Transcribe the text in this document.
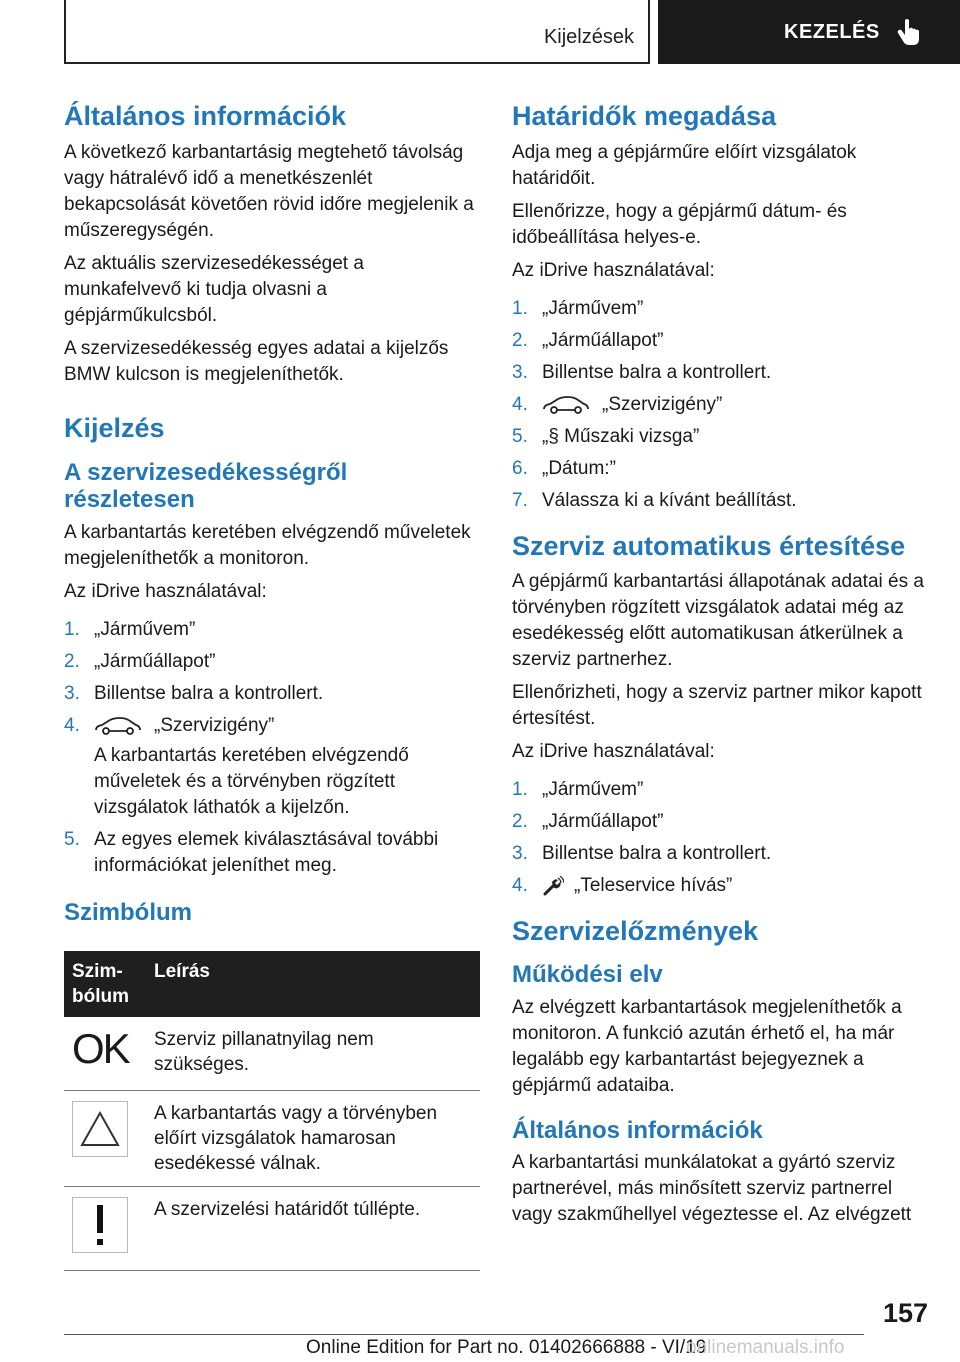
Kijelzések	KEZELÉS
Általános információk

A következő karbantartásig megtehető távolság vagy hátralévő idő a menetkészenlét bekapcsolását követően rövid időre megjelenik a műszeregységén.

Az aktuális szervizesedékességet a munkafelvevő ki tudja olvasni a gépjárműkulcsból.

A szervizesedékesség egyes adatai a kijelzős BMW kulcson is megjeleníthetők.

Kijelzés
A szervizesedékességről részletesen

A karbantartás keretében elvégzendő műveletek megjeleníthetők a monitoron.

Az iDrive használatával:

1. „Járművem”
2. „Járműállapot”
3. Billentse balra a kontrollert.
4.	„Szervizigény”
A karbantartás keretében elvégzendő műveletek és a törvényben rögzített vizsgálatok láthatók a kijelzőn.
5. Az egyes elemek kiválasztásával további információkat jeleníthet meg.
Szimbólum
Szim-bólum	Leírás
OK	Szerviz pillanatnyilag nem szükséges.
	A karbantartás vagy a törvényben előírt vizsgálatok hamarosan esedékessé válnak.
	A szervizelési határidőt túllépte.
Határidők megadása

Adja meg a gépjárműre előírt vizsgálatok határidőit.

Ellenőrizze, hogy a gépjármű dátum- és időbeállítása helyes-e.

Az iDrive használatával:

1. „Járművem”
2. „Járműállapot”
3. Billentse balra a kontrollert.
4.	„Szervizigény”
5. „§ Műszaki vizsga”
6. „Dátum:”
7. Válassza ki a kívánt beállítást.
Szerviz automatikus értesítése

A gépjármű karbantartási állapotának adatai és a törvényben rögzített vizsgálatok adatai még az esedékesség előtt automatikusan átkerülnek a szerviz partnerhez.

Ellenőrizheti, hogy a szerviz partner mikor kapott értesítést.

Az iDrive használatával:

1. „Járművem”
2. „Járműállapot”
3. Billentse balra a kontrollert.
4. „Teleservice hívás”
Szervizelőzmények
Működési elv

Az elvégzett karbantartások megjeleníthetők a monitoron. A funkció azután érhető el, ha már legalább egy karbantartást bejegyeznek a gépjármű adataiba.

Általános információk

A karbantartási munkálatokat a gyártó szerviz partnerével, más minősített szerviz partnerrel vagy szakműhellyel végeztesse el. Az elvégzett

157
Online Edition for Part no. 01402666888 - VI/19
onlinemanuals.info
